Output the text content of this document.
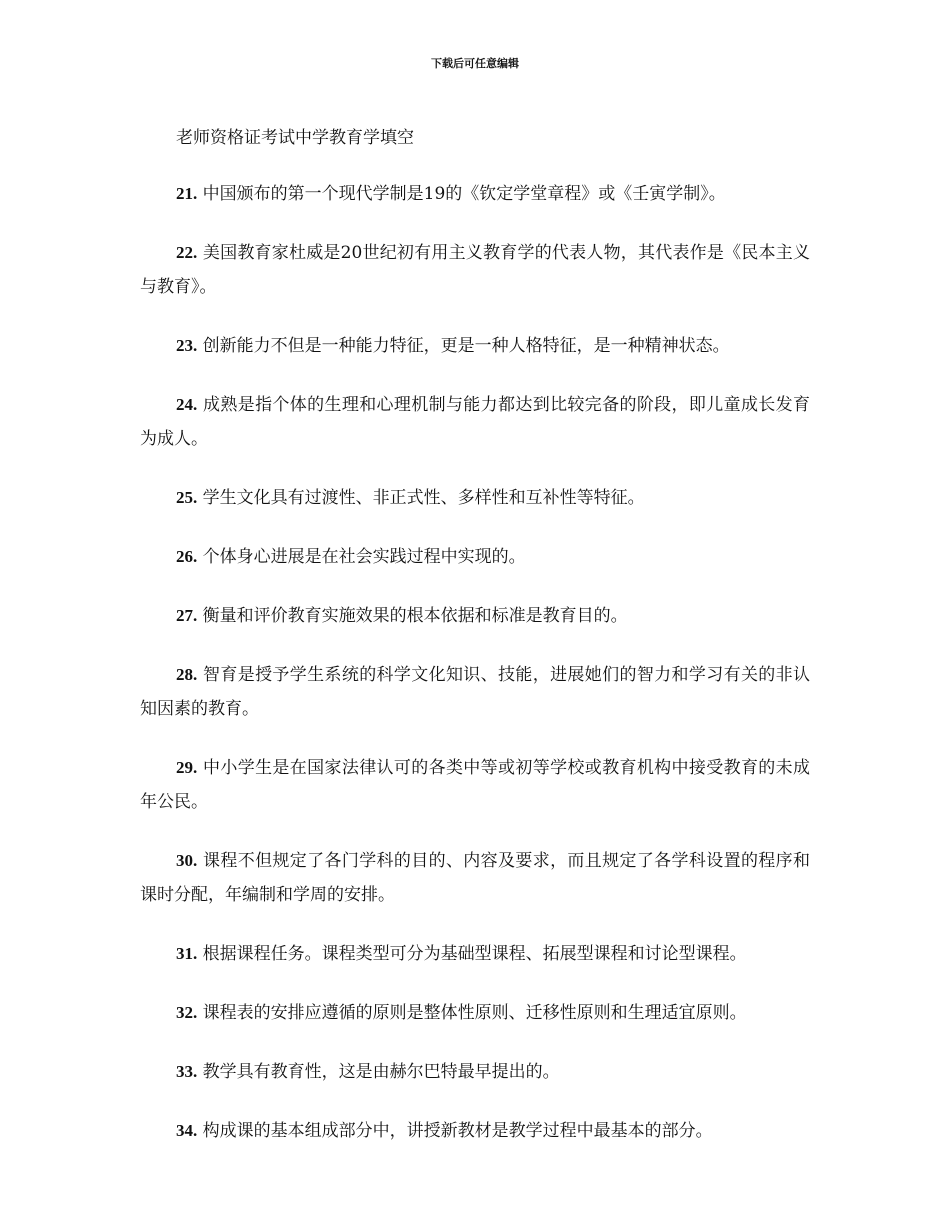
下载后可任意编辑
老师资格证考试中学教育学填空
21. 中国颁布的第一个现代学制是19的《钦定学堂章程》或《壬寅学制》。
22. 美国教育家杜威是20世纪初有用主义教育学的代表人物，其代表作是《民本主义与教育》。
23. 创新能力不但是一种能力特征，更是一种人格特征，是一种精神状态。
24. 成熟是指个体的生理和心理机制与能力都达到比较完备的阶段，即儿童成长发育为成人。
25. 学生文化具有过渡性、非正式性、多样性和互补性等特征。
26. 个体身心进展是在社会实践过程中实现的。
27. 衡量和评价教育实施效果的根本依据和标准是教育目的。
28. 智育是授予学生系统的科学文化知识、技能，进展她们的智力和学习有关的非认知因素的教育。
29. 中小学生是在国家法律认可的各类中等或初等学校或教育机构中接受教育的未成年公民。
30. 课程不但规定了各门学科的目的、内容及要求，而且规定了各学科设置的程序和课时分配，年编制和学周的安排。
31. 根据课程任务。课程类型可分为基础型课程、拓展型课程和讨论型课程。
32. 课程表的安排应遵循的原则是整体性原则、迁移性原则和生理适宜原则。
33. 教学具有教育性，这是由赫尔巴特最早提出的。
34. 构成课的基本组成部分中，讲授新教材是教学过程中最基本的部分。
